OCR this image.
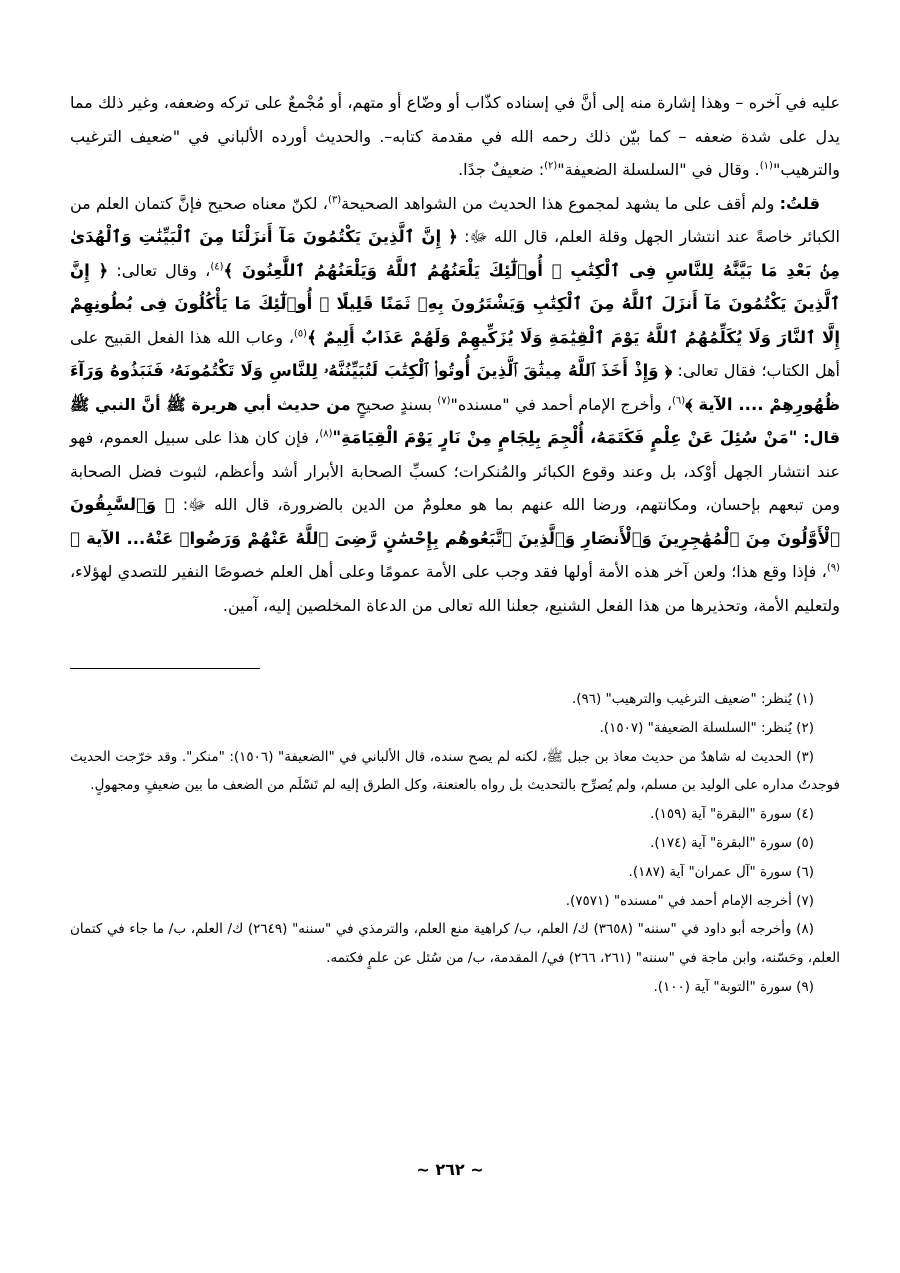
عليه في آخره – وهذا إشارة منه إلى أنَّ في إسناده كذّاب أو وضّاع أو متهم، أو مُجْمعٌ على تركه وضعفه، وغير ذلك مما يدل على شدة ضعفه – كما بيّن ذلك رحمه الله في مقدمة كتابه–. والحديث أورده الألباني في "ضعيف الترغيب والترهيب"$^{(١)}$. وقال في "السلسلة الضعيفة"$^{(٢)}$: ضعيفٌ جدًا.

قلتُ: ولم أقف على ما يشهد لمجموع هذا الحديث من الشواهد الصحيحة$^{(٣)}$، لكنّ معناه صحيح فإنَّ كتمان العلم من الكبائر خاصةً عند انتشار الجهل وقلة العلم، قال الله ﷻ: ﴿ إِنَّ ٱلَّذِينَ يَكْتُمُونَ مَآ أَنزَلْنَا مِنَ ٱلْبَيِّنَٰتِ وَٱلْهُدَىٰ مِنۢ بَعْدِ مَا بَيَّنَّٰهُ لِلنَّاسِ فِى ٱلْكِتَٰبِ ۙ أُو۟لَٰٓئِكَ يَلْعَنُهُمُ ٱللَّهُ وَيَلْعَنُهُمُ ٱللَّٰعِنُونَ ﴾$^{(٤)}$، وقال تعالى: ﴿ إِنَّ ٱلَّذِينَ يَكْتُمُونَ مَآ أَنزَلَ ٱللَّهُ مِنَ ٱلْكِتَٰبِ وَيَشْتَرُونَ بِهِۦ ثَمَنًا قَلِيلًا ۙ أُو۟لَٰٓئِكَ مَا يَأْكُلُونَ فِى بُطُونِهِمْ إِلَّا ٱلنَّارَ وَلَا يُكَلِّمُهُمُ ٱللَّهُ يَوْمَ ٱلْقِيَٰمَةِ وَلَا يُزَكِّيهِمْ وَلَهُمْ عَذَابٌ أَلِيمٌ ﴾$^{(٥)}$، وعاب الله هذا الفعل القبيح على أهل الكتاب؛ فقال تعالى: ﴿ وَإِذْ أَخَذَ ٱللَّهُ مِيثَٰقَ ٱلَّذِينَ أُوتُوا۟ ٱلْكِتَٰبَ لَتُبَيِّنُنَّهُۥ لِلنَّاسِ وَلَا تَكْتُمُونَهُۥ فَنَبَذُوهُ وَرَآءَ ظُهُورِهِمْ .... الآية ﴾$^{(٦)}$، وأخرج الإمام أحمد في "مسنده"$^{(٧)}$ بسندٍ صحيحٍ من حديث أبي هريرة ﷺ أنَّ النبي ﷺ قال: "مَنْ سُئِلَ عَنْ عِلْمٍ فَكَتَمَهُ، أُلْجِمَ بِلِجَامٍ مِنْ نَارٍ يَوْمَ الْقِيَامَةِ"$^{(٨)}$، فإن كان هذا على سبيل العموم، فهو عند انتشار الجهل أوْكد، بل وعند وقوع الكبائر والمُنكرات؛ كسبِّ الصحابة الأبرار أشد وأعظم، لثبوت فضل الصحابة ومن تبعهم بإحسان، ومكانتهم، ورضا الله عنهم بما هو معلومٌ من الدين بالضرورة، قال الله ﷻ: ﴿ وَٱلسَّٰبِقُونَ ٱلْأَوَّلُونَ مِنَ ٱلْمُهَٰجِرِينَ وَٱلْأَنصَارِ وَٱلَّذِينَ ٱتَّبَعُوهُم بِإِحْسَٰنٍ رَّضِىَ ٱللَّهُ عَنْهُمْ وَرَضُوا۟ عَنْهُ... الآية ﴾$^{(٩)}$، فإذا وقع هذا؛ ولعن آخر هذه الأمة أولها فقد وجب على الأمة عمومًا وعلى أهل العلم خصوصًا النفير للتصدي لهؤلاء، ولتعليم الأمة، وتحذيرها من هذا الفعل الشنيع، جعلنا الله تعالى من الدعاة المخلصين إليه، آمين.

(١) يُنظر: "ضعيف الترغيب والترهيب" (٩٦).

(٢) يُنظر: "السلسلة الضعيفة" (١٥٠٧).

(٣) الحديث له شاهدٌ من حديث معاذ بن جبل ﷺ، لكنه لم يصح سنده، قال الألباني في "الضعيفة" (١٥٠٦): "منكر". وقد خرّجت الحديث فوجدتُ مداره على الوليد بن مسلم، ولم يُصرِّح بالتحديث بل رواه بالعنعنة، وكل الطرق إليه لم تَسْلَم من الضعف ما بين ضعيفٍ ومجهولٍ.

(٤) سورة "البقرة" آية (١٥٩).

(٥) سورة "البقرة" آية (١٧٤).

(٦) سورة "آل عمران" آية (١٨٧).

(٧) أخرجه الإمام أحمد في "مسنده" (٧٥٧١).

(٨) وأخرجه أبو داود في "سننه" (٣٦٥٨) ك/ العلم، ب/ كراهية منع العلم، والترمذي في "سننه" (٢٦٤٩) ك/ العلم، ب/ ما جاء في كتمان العلم، وحَسّنه، وابن ماجة في "سننه" (٢٦١، ٢٦٦) في/ المقدمة، ب/ من سُئل عن علمٍ فكتمه.

(٩) سورة "التوبة" آية (١٠٠).

~ ٢٦٢ ~
